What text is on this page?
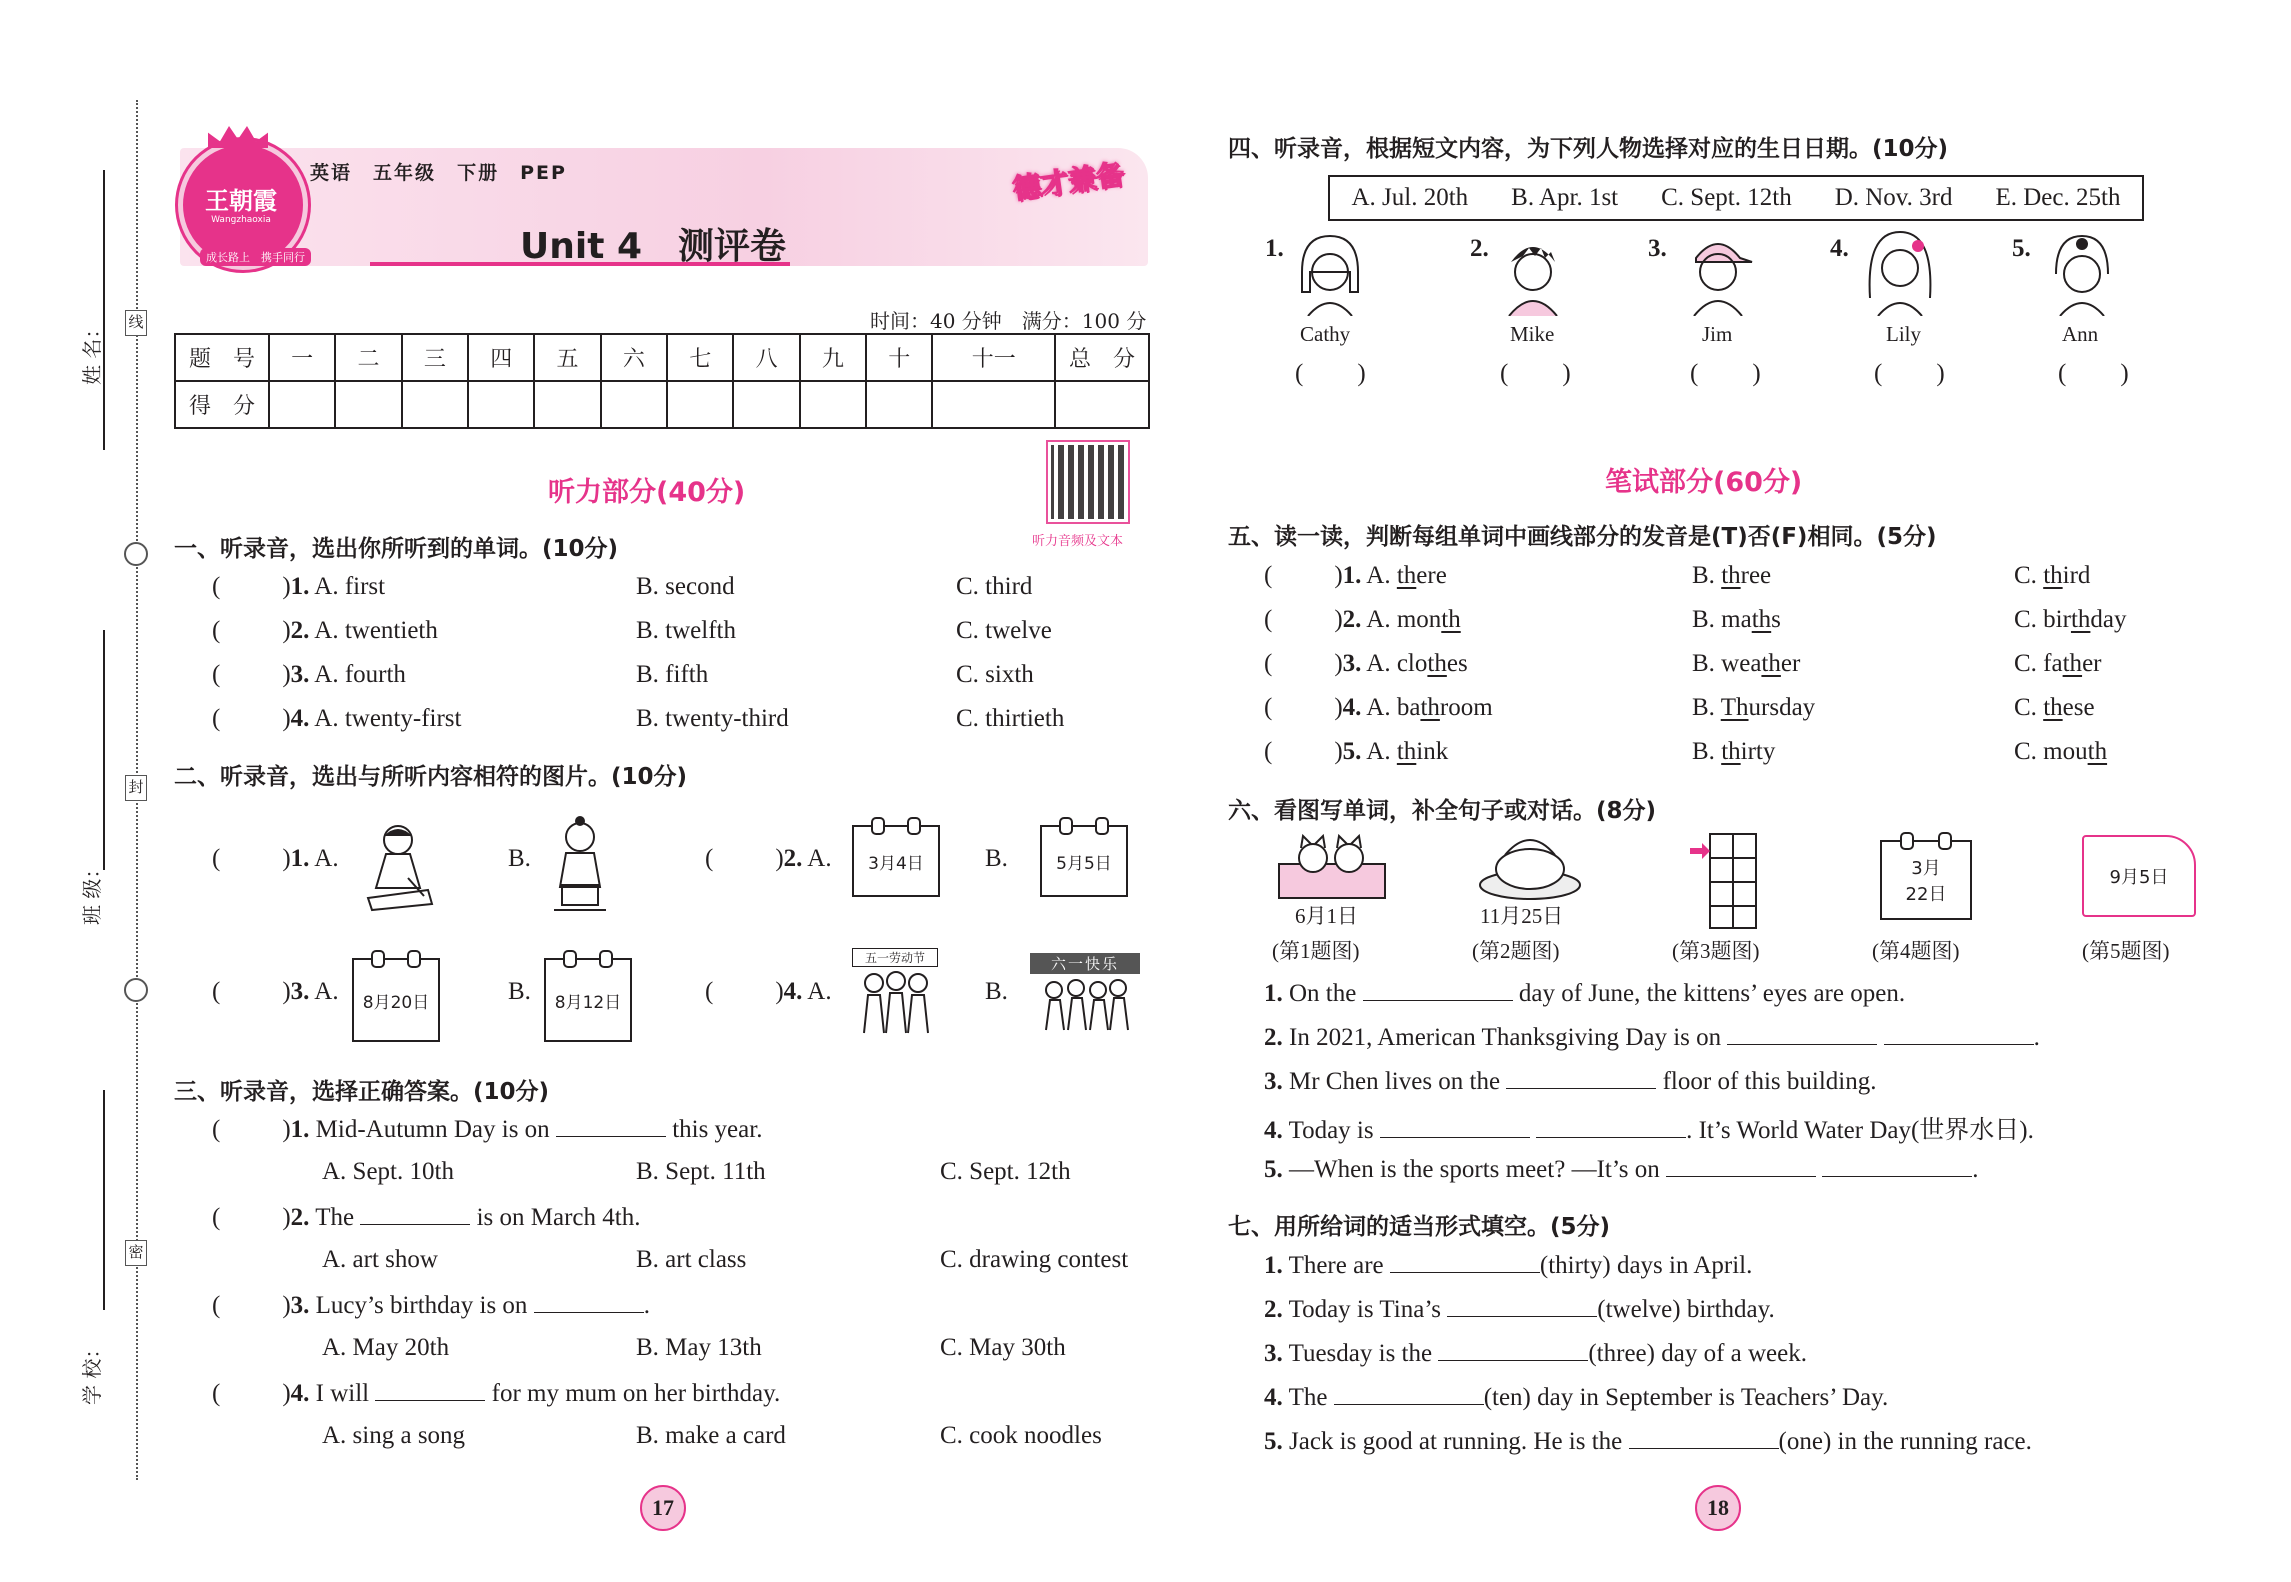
姓 名：
班 级：
学 校：
线
封
密
王朝霞
Wangzhaoxia
成长路上　 携手同行
英语　 五年级　 下册　 PEP
Unit 4　 测评卷
德才兼备
时间：40 分钟　 满分：100 分
题　号	一	二	三	四	五	六	七	八	九	十	十一	总　分
得　分												
听力部分(40分)
听力音频及文本
一、听录音，选出你所听到的单词。(10分)
( )1. A. first	B. second	C. third
( )2. A. twentieth	B. twelfth	C. twelve
( )3. A. fourth	B. fifth	C. sixth
( )4. A. twenty-first	B. twenty-third	C. thirtieth
二、听录音，选出与所听内容相符的图片。(10分)
( )1. A.	B.	( )2. A.	3月4日	B.	5月5日
( )3. A.	8月20日	B.	8月12日	( )4. A.
五一劳动节
B.
六一快乐
三、听录音，选择正确答案。(10分)
( )1. Mid-Autumn Day is on	this year.
A. Sept. 10th	B. Sept. 11th	C. Sept. 12th
( )2. The	is on March 4th.
A. art show	B. art class	C. drawing contest
( )3. Lucy’s birthday is on	.
A. May 20th	B. May 13th	C. May 30th
( )4. I will	for my mum on her birthday.
A. sing a song	B. make a card	C. cook noodles
17	18
四、听录音，根据短文内容，为下列人物选择对应的生日日期。(10分)
A. Jul. 20th B. Apr. 1st C. Sept. 12th D. Nov. 3rd E. Dec. 25th
1.
Cathy
( )
2.
Mike
( )
3.
Jim
( )
4.
Lily
( )
5.
Ann
( )
笔试部分(60分)
五、读一读，判断每组单词中画线部分的发音是(T)否(F)相同。(5分)
( )1. A. there	B. three	C. third
( )2. A. month	B. maths	C. birthday
( )3. A. clothes	B. weather	C. father
( )4. A. bathroom	B. Thursday	C. these
( )5. A. think	B. thirty	C. mouth
六、看图写单词，补全句子或对话。(8分)
6月1日
(第1题图)
11月25日
(第2题图)	(第3题图)
3月
22日
(第4题图)
9月5日
(第5题图)
1. On the	day of June, the kittens’ eyes are open.
2. In 2021, American Thanksgiving Day is on	.
3. Mr Chen lives on the	floor of this building.
4. Today is	. It’s World Water Day(世界水日).
5. —When is the sports meet? —It’s on	.
七、用所给词的适当形式填空。(5分)
1. There are	(thirty) days in April.
2. Today is Tina’s	(twelve) birthday.
3. Tuesday is the	(three) day of a week.
4. The	(ten) day in September is Teachers’ Day.
5. Jack is good at running. He is the	(one) in the running race.
